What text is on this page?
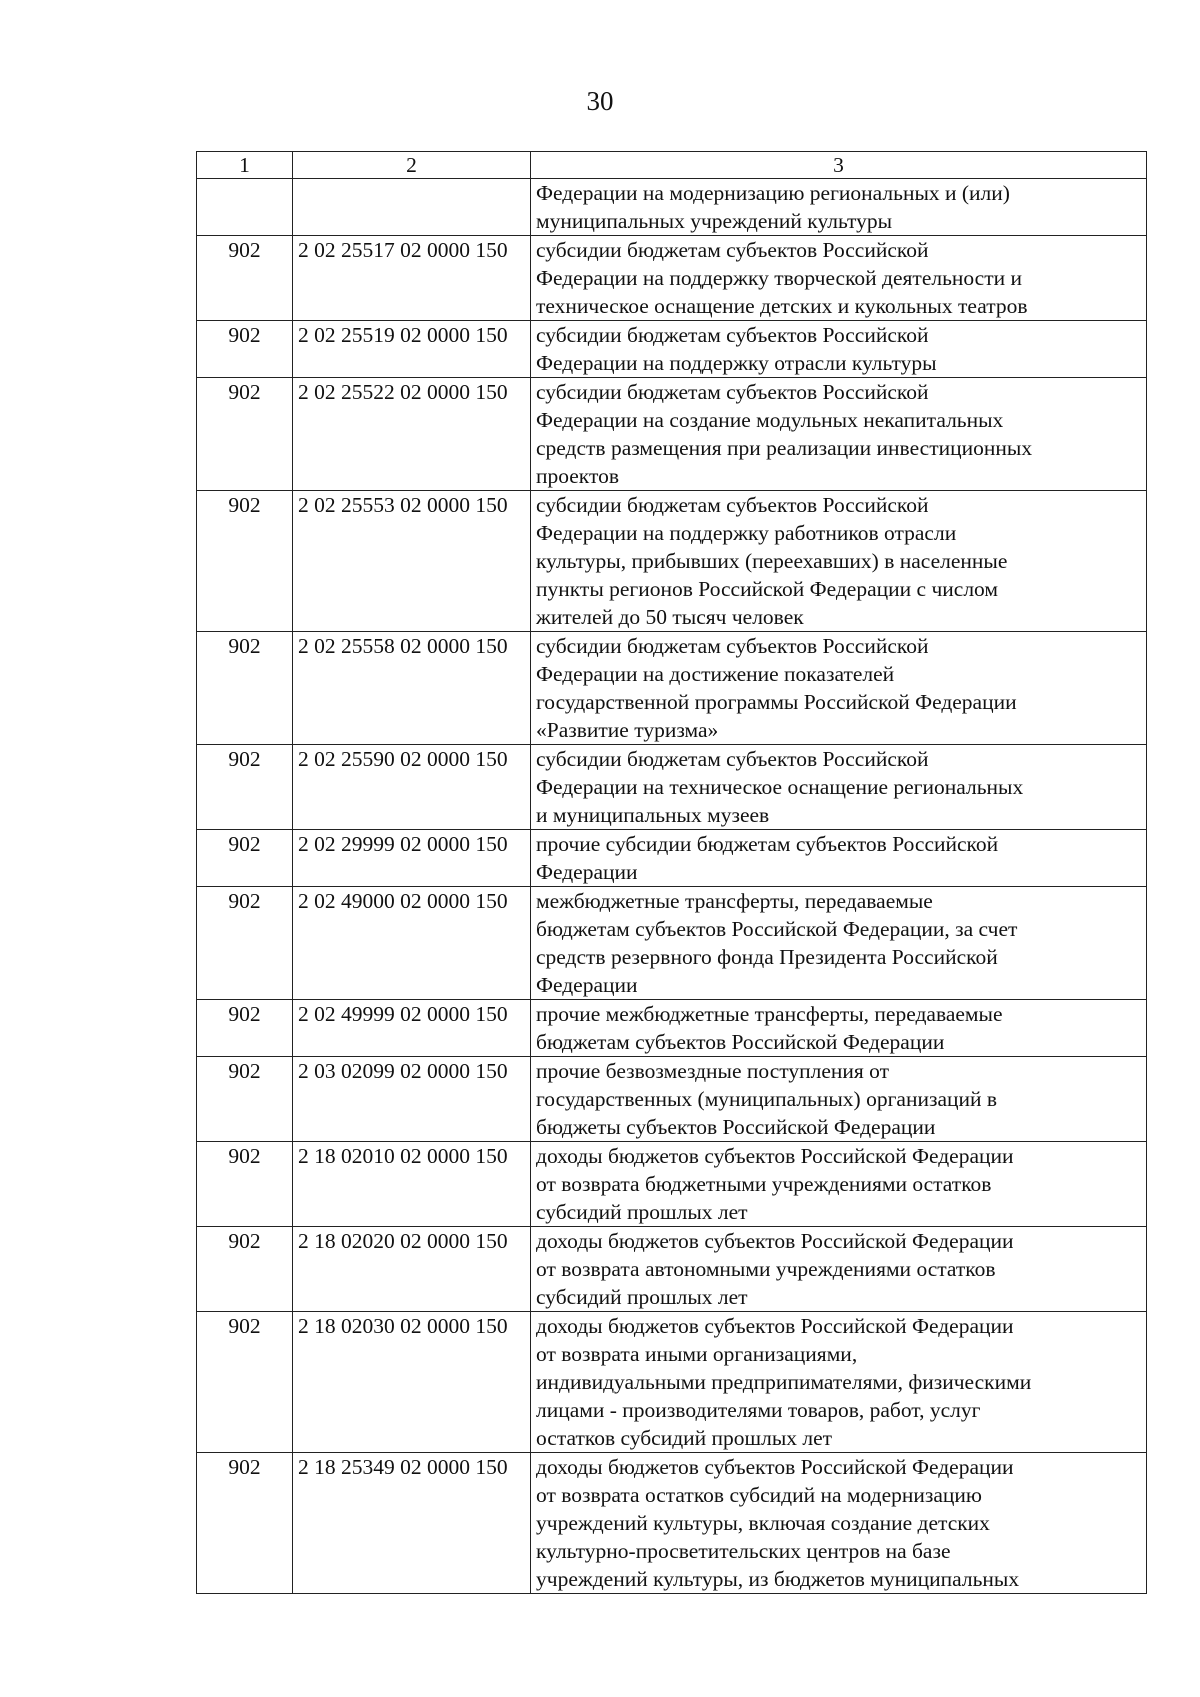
30
1	2	3

		Федерации на модернизацию региональных и (или)
муниципальных учреждений культуры

902	2 02 25517 02 0000 150	субсидии бюджетам субъектов Российской
Федерации на поддержку творческой деятельности и
техническое оснащение детских и кукольных театров

902	2 02 25519 02 0000 150	субсидии бюджетам субъектов Российской
Федерации на поддержку отрасли культуры

902	2 02 25522 02 0000 150	субсидии бюджетам субъектов Российской
Федерации на создание модульных некапитальных
средств размещения при реализации инвестиционных
проектов

902	2 02 25553 02 0000 150	субсидии бюджетам субъектов Российской
Федерации на поддержку работников отрасли
культуры, прибывших (переехавших) в населенные
пункты регионов Российской Федерации с числом
жителей до 50 тысяч человек

902	2 02 25558 02 0000 150	субсидии бюджетам субъектов Российской
Федерации на достижение показателей
государственной программы Российской Федерации
«Развитие туризма»

902	2 02 25590 02 0000 150	субсидии бюджетам субъектов Российской
Федерации на техническое оснащение региональных
и муниципальных музеев

902	2 02 29999 02 0000 150	прочие субсидии бюджетам субъектов Российской
Федерации

902	2 02 49000 02 0000 150	межбюджетные трансферты, передаваемые
бюджетам субъектов Российской Федерации, за счет
средств резервного фонда Президента Российской
Федерации

902	2 02 49999 02 0000 150	прочие межбюджетные трансферты, передаваемые
бюджетам субъектов Российской Федерации

902	2 03 02099 02 0000 150	прочие безвозмездные поступления от
государственных (муниципальных) организаций в
бюджеты субъектов Российской Федерации

902	2 18 02010 02 0000 150	доходы бюджетов субъектов Российской Федерации
от возврата бюджетными учреждениями остатков
субсидий прошлых лет

902	2 18 02020 02 0000 150	доходы бюджетов субъектов Российской Федерации
от возврата автономными учреждениями остатков
субсидий прошлых лет

902	2 18 02030 02 0000 150	доходы бюджетов субъектов Российской Федерации
от возврата иными организациями,
индивидуальными предприпимателями, физическими
лицами - производителями товаров, работ, услуг
остатков субсидий прошлых лет

902	2 18 25349 02 0000 150	доходы бюджетов субъектов Российской Федерации
от возврата остатков субсидий на модернизацию
учреждений культуры, включая создание детских
культурно-просветительских центров на базе
учреждений культуры, из бюджетов муниципальных
